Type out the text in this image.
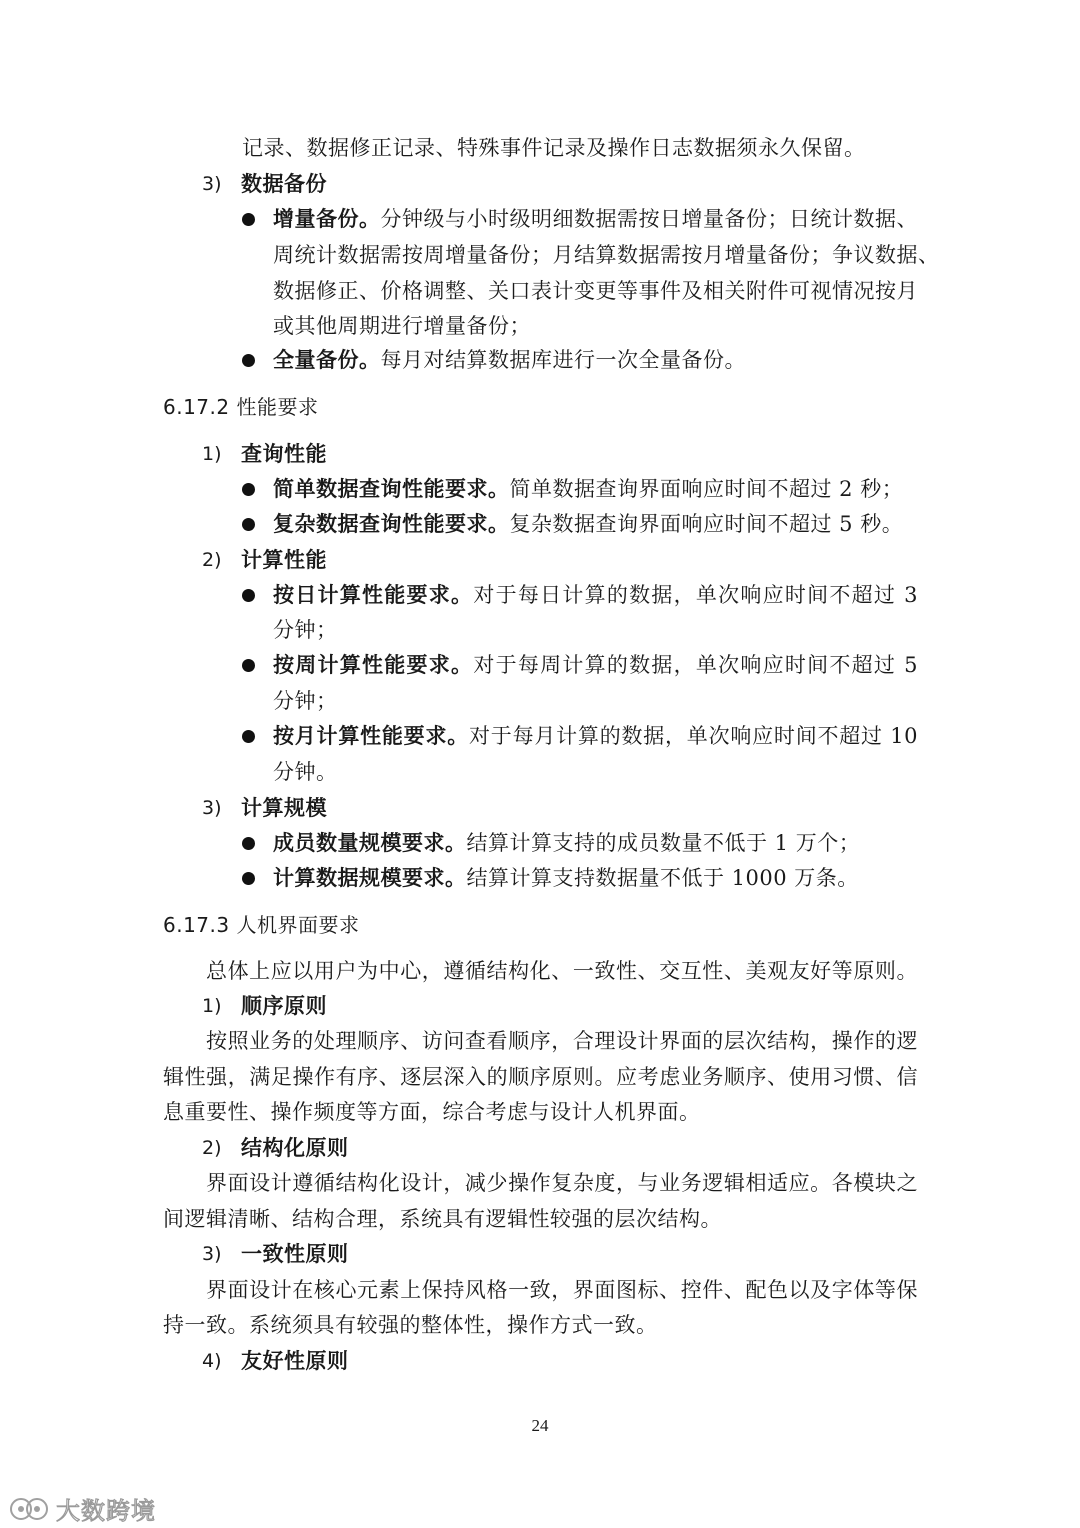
记录、数据修正记录、特殊事件记录及操作日志数据须永久保留。
3) 数据备份
增量备份。分钟级与小时级明细数据需按日增量备份；日统计数据、
周统计数据需按周增量备份；月结算数据需按月增量备份；争议数据、
数据修正、价格调整、关口表计变更等事件及相关附件可视情况按月
或其他周期进行增量备份；
全量备份。每月对结算数据库进行一次全量备份。
6.17.2 性能要求
1) 查询性能
简单数据查询性能要求。简单数据查询界面响应时间不超过 2 秒；
复杂数据查询性能要求。复杂数据查询界面响应时间不超过 5 秒。
2) 计算性能
按日计算性能要求。对于每日计算的数据，单次响应时间不超过 3
分钟；
按周计算性能要求。对于每周计算的数据，单次响应时间不超过 5
分钟；
按月计算性能要求。对于每月计算的数据，单次响应时间不超过 10
分钟。
3) 计算规模
成员数量规模要求。结算计算支持的成员数量不低于 1 万个；
计算数据规模要求。结算计算支持数据量不低于 1000 万条。
6.17.3 人机界面要求
总体上应以用户为中心，遵循结构化、一致性、交互性、美观友好等原则。
1) 顺序原则
按照业务的处理顺序、访问查看顺序，合理设计界面的层次结构，操作的逻
辑性强，满足操作有序、逐层深入的顺序原则。应考虑业务顺序、使用习惯、信
息重要性、操作频度等方面，综合考虑与设计人机界面。
2) 结构化原则
界面设计遵循结构化设计，减少操作复杂度，与业务逻辑相适应。各模块之
间逻辑清晰、结构合理，系统具有逻辑性较强的层次结构。
3) 一致性原则
界面设计在核心元素上保持风格一致，界面图标、控件、配色以及字体等保
持一致。系统须具有较强的整体性，操作方式一致。
4) 友好性原则
24
大数跨境
